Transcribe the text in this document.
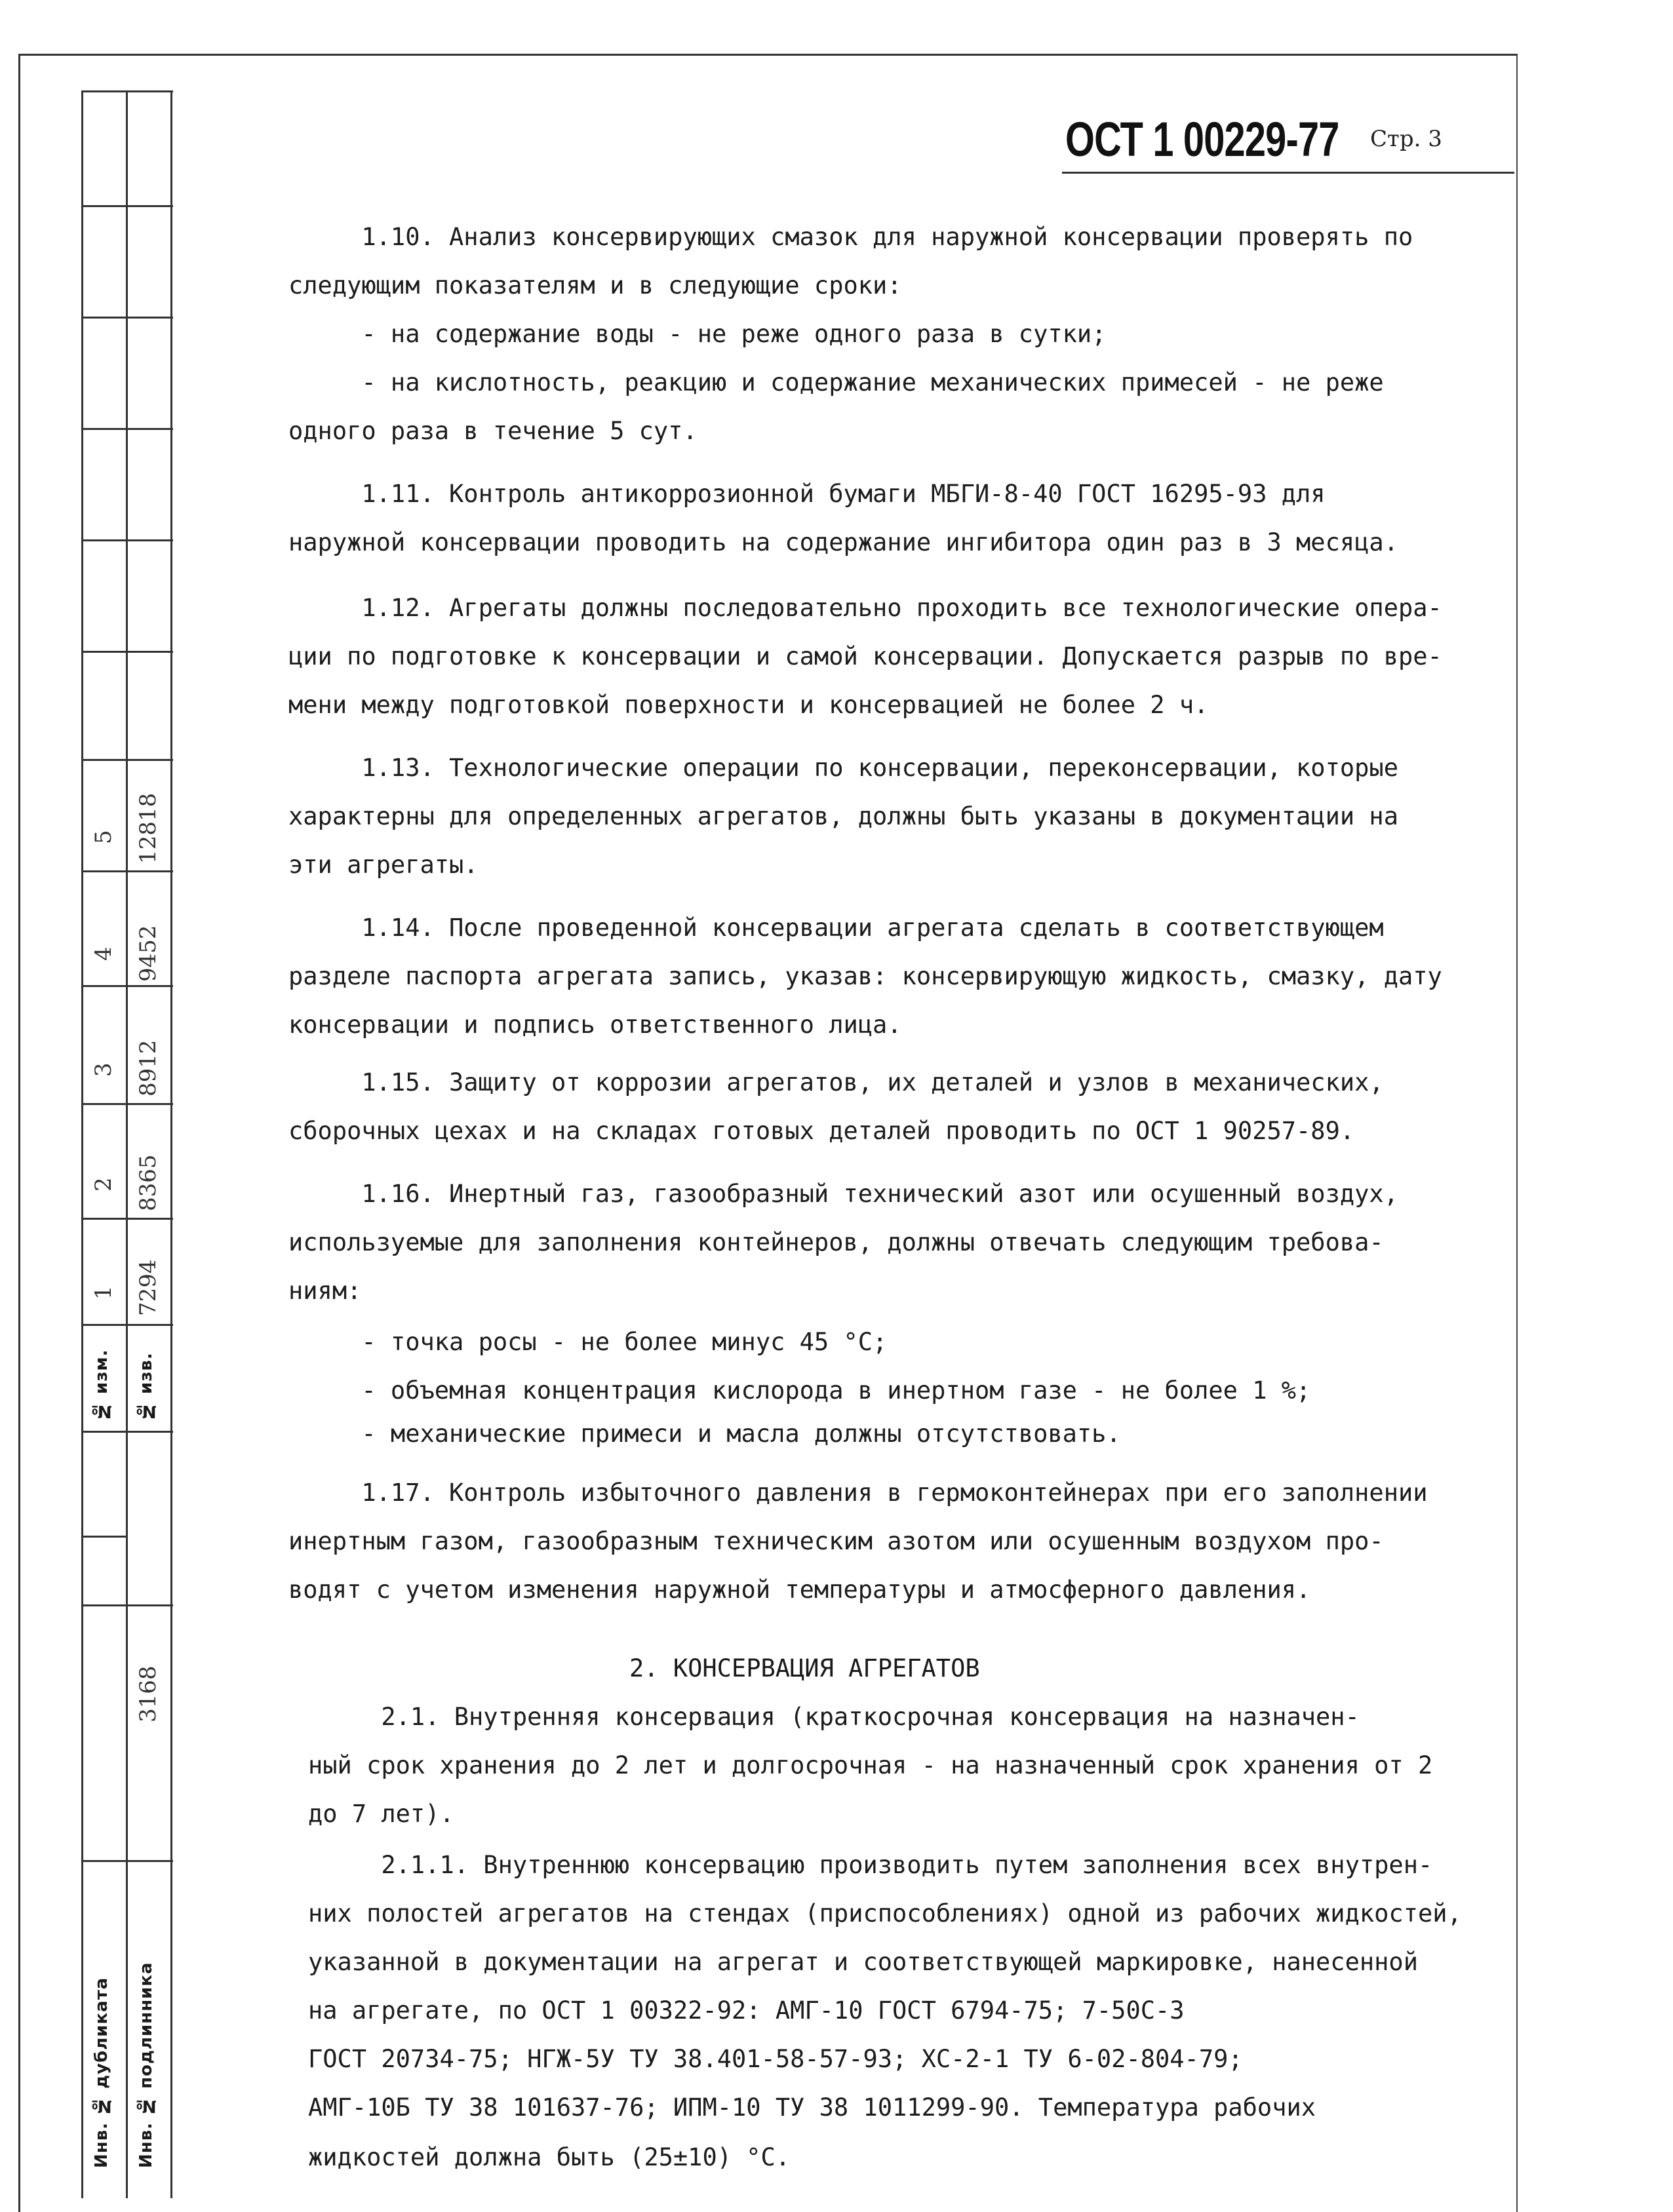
5 12818
4 9452
3 8912
2 8365
1 7294
№ изм. № изв.
3168
Инв. № дубликата Инв. № подлинника
ОСТ 1 00229-77 Стр. 3
1.10. Анализ консервирующих смазок для наружной консервации проверять по
следующим показателям и в следующие сроки:
- на содержание воды - не реже одного раза в сутки;
- на кислотность, реакцию и содержание механических примесей - не реже
одного раза в течение 5 сут.
1.11. Контроль антикоррозионной бумаги МБГИ-8-40 ГОСТ 16295-93 для
наружной консервации проводить на содержание ингибитора один раз в 3 месяца.
1.12. Агрегаты должны последовательно проходить все технологические опера-
ции по подготовке к консервации и самой консервации. Допускается разрыв по вре-
мени между подготовкой поверхности и консервацией не более 2 ч.
1.13. Технологические операции по консервации, переконсервации, которые
характерны для определенных агрегатов, должны быть указаны в документации на
эти агрегаты.
1.14. После проведенной консервации агрегата сделать в соответствующем
разделе паспорта агрегата запись, указав: консервирующую жидкость, смазку, дату
консервации и подпись ответственного лица.
1.15. Защиту от коррозии агрегатов, их деталей и узлов в механических,
сборочных цехах и на складах готовых деталей проводить по ОСТ 1 90257-89.
1.16. Инертный газ, газообразный технический азот или осушенный воздух,
используемые для заполнения контейнеров, должны отвечать следующим требова-
ниям:
- точка росы - не более минус 45 °С;
- объемная концентрация кислорода в инертном газе - не более 1 %;
- механические примеси и масла должны отсутствовать.
1.17. Контроль избыточного давления в гермоконтейнерах при его заполнении
инертным газом, газообразным техническим азотом или осушенным воздухом про-
водят с учетом изменения наружной температуры и атмосферного давления.
2. КОНСЕРВАЦИЯ АГРЕГАТОВ
2.1. Внутренняя консервация (краткосрочная консервация на назначен-
ный срок хранения до 2 лет и долгосрочная - на назначенный срок хранения от 2
до 7 лет).
2.1.1. Внутреннюю консервацию производить путем заполнения всех внутрен-
них полостей агрегатов на стендах (приспособлениях) одной из рабочих жидкостей,
указанной в документации на агрегат и соответствующей маркировке, нанесенной
на агрегате, по ОСТ 1 00322-92: АМГ-10 ГОСТ 6794-75; 7-50С-3
ГОСТ 20734-75; НГЖ-5У ТУ 38.401-58-57-93; ХС-2-1 ТУ 6-02-804-79;
АМГ-10Б ТУ 38 101637-76; ИПМ-10 ТУ 38 1011299-90. Температура рабочих
жидкостей должна быть (25±10) °С.
